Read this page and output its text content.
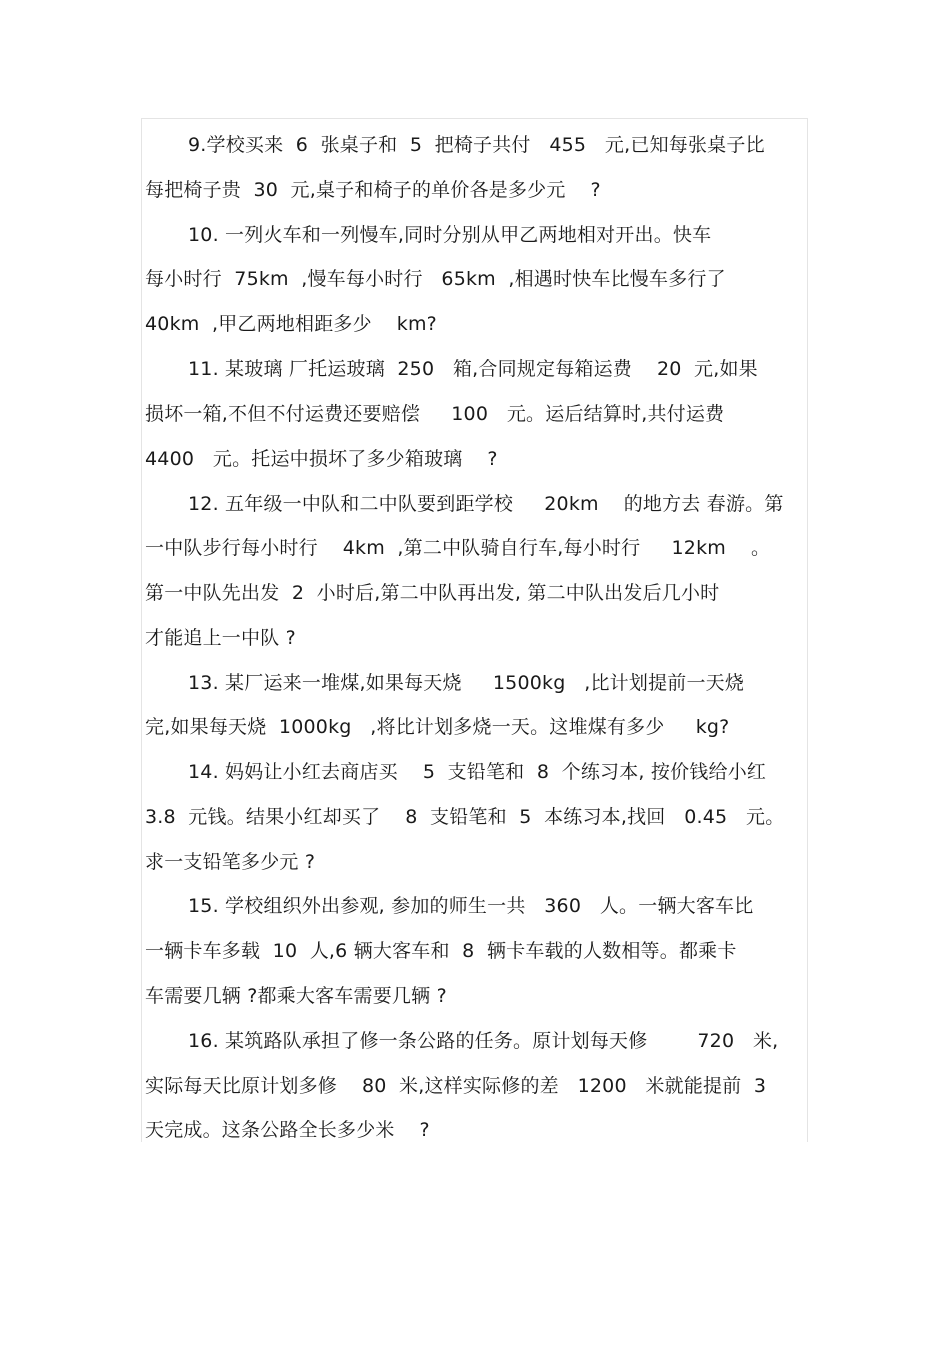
9.学校买来  6  张桌子和  5  把椅子共付   455   元,已知每张桌子比
每把椅子贵  30  元,桌子和椅子的单价各是多少元    ?
10. 一列火车和一列慢车,同时分别从甲乙两地相对开出。快车
每小时行  75km  ,慢车每小时行   65km  ,相遇时快车比慢车多行了
40km  ,甲乙两地相距多少    km?
11. 某玻璃 厂托运玻璃  250   箱,合同规定每箱运费    20  元,如果
损坏一箱,不但不付运费还要赔偿     100   元。运后结算时,共付运费
4400   元。托运中损坏了多少箱玻璃    ?
12. 五年级一中队和二中队要到距学校     20km    的地方去 春游。第
一中队步行每小时行    4km  ,第二中队骑自行车,每小时行     12km    。
第一中队先出发  2  小时后,第二中队再出发, 第二中队出发后几小时
才能追上一中队 ?
13. 某厂运来一堆煤,如果每天烧     1500kg   ,比计划提前一天烧
完,如果每天烧  1000kg   ,将比计划多烧一天。这堆煤有多少     kg?
14. 妈妈让小红去商店买    5  支铅笔和  8  个练习本, 按价钱给小红
3.8  元钱。结果小红却买了    8  支铅笔和  5  本练习本,找回   0.45   元。
求一支铅笔多少元 ?
15. 学校组织外出参观, 参加的师生一共   360   人。一辆大客车比
一辆卡车多载  10  人,6 辆大客车和  8  辆卡车载的人数相等。都乘卡
车需要几辆 ?都乘大客车需要几辆 ?
16. 某筑路队承担了修一条公路的任务。原计划每天修        720   米,
实际每天比原计划多修    80  米,这样实际修的差   1200   米就能提前  3
天完成。这条公路全长多少米    ?
